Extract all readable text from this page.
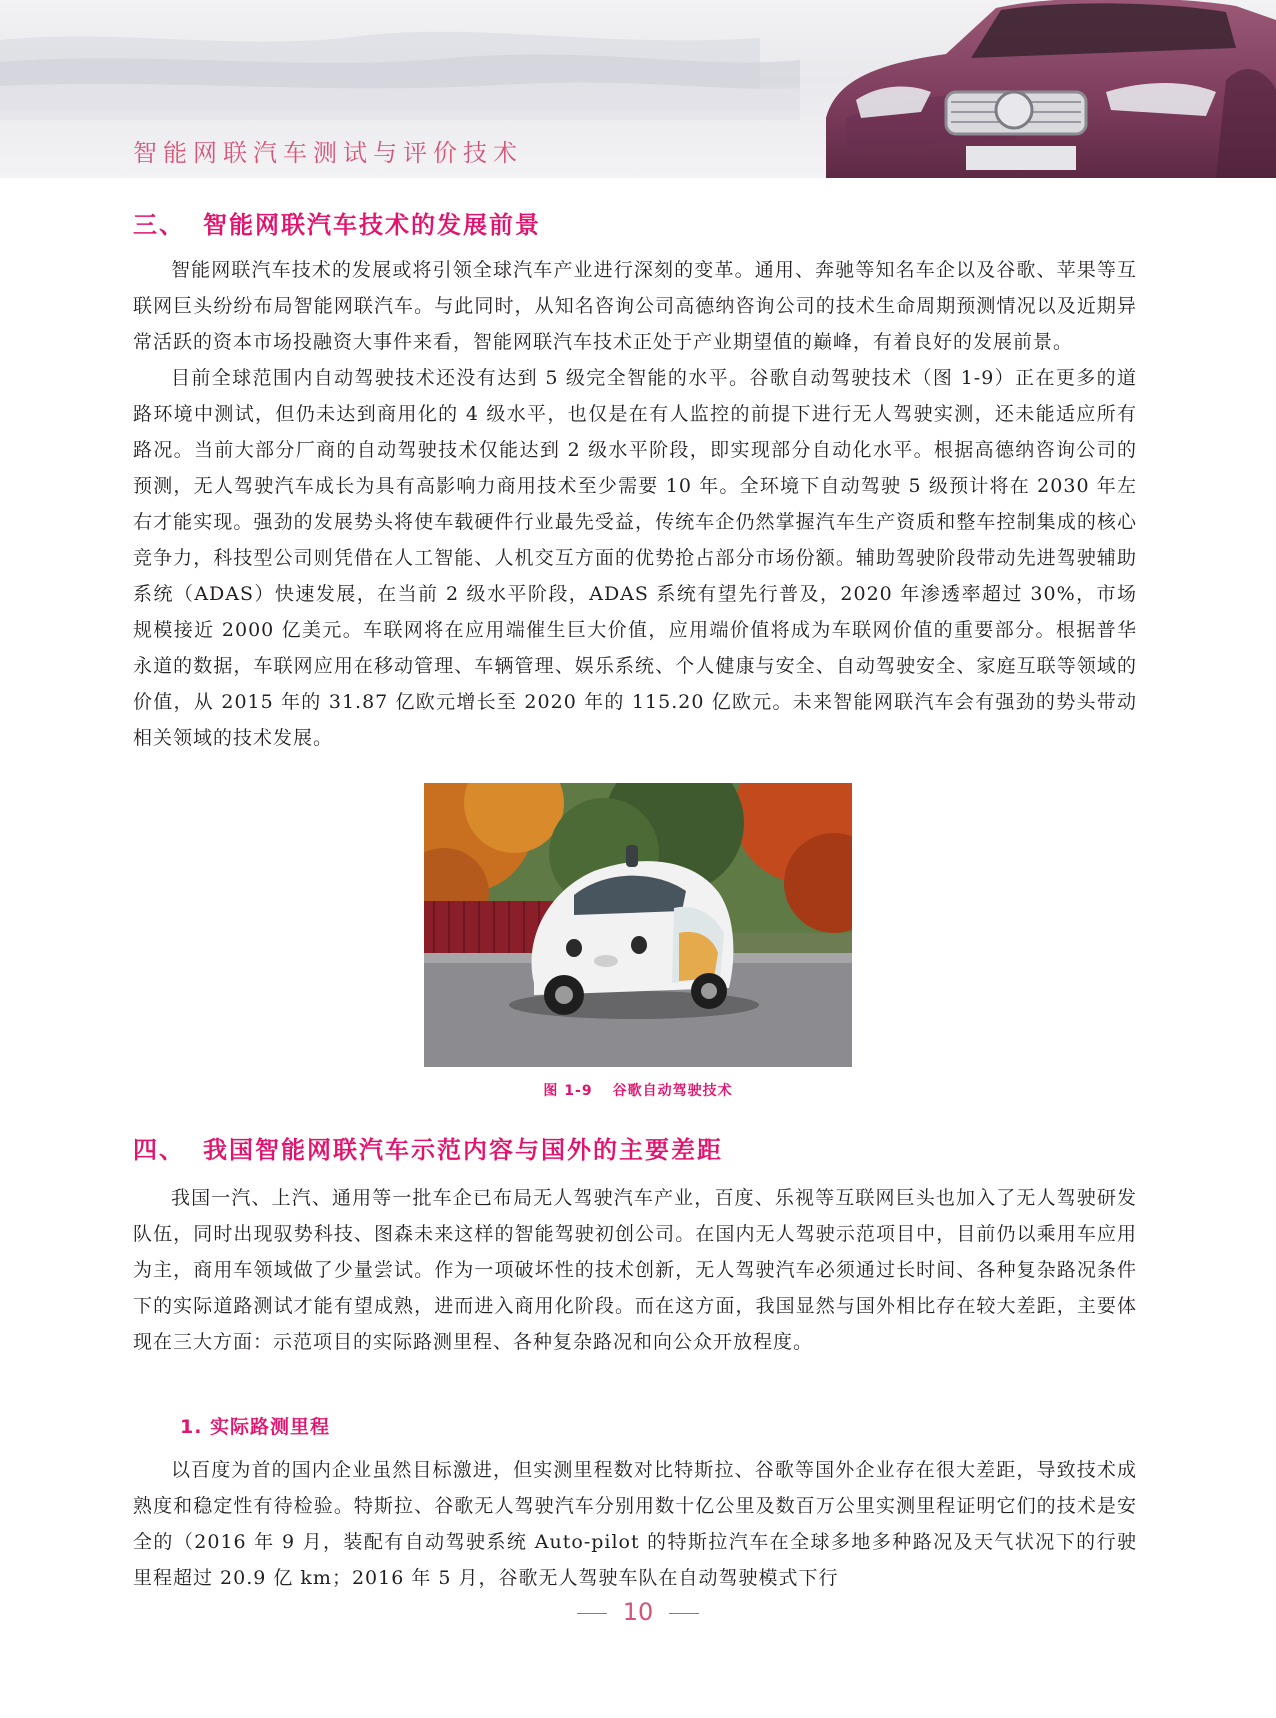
智能网联汽车测试与评价技术
三、 智能网联汽车技术的发展前景

智能网联汽车技术的发展或将引领全球汽车产业进行深刻的变革。通用、奔驰等知名车企以及谷歌、苹果等互联网巨头纷纷布局智能网联汽车。与此同时，从知名咨询公司高德纳咨询公司的技术生命周期预测情况以及近期异常活跃的资本市场投融资大事件来看，智能网联汽车技术正处于产业期望值的巅峰，有着良好的发展前景。

目前全球范围内自动驾驶技术还没有达到 5 级完全智能的水平。谷歌自动驾驶技术（图 1-9）正在更多的道路环境中测试，但仍未达到商用化的 4 级水平，也仅是在有人监控的前提下进行无人驾驶实测，还未能适应所有路况。当前大部分厂商的自动驾驶技术仅能达到 2 级水平阶段，即实现部分自动化水平。根据高德纳咨询公司的预测，无人驾驶汽车成长为具有高影响力商用技术至少需要 10 年。全环境下自动驾驶 5 级预计将在 2030 年左右才能实现。强劲的发展势头将使车载硬件行业最先受益，传统车企仍然掌握汽车生产资质和整车控制集成的核心竞争力，科技型公司则凭借在人工智能、人机交互方面的优势抢占部分市场份额。辅助驾驶阶段带动先进驾驶辅助系统（ADAS）快速发展，在当前 2 级水平阶段，ADAS 系统有望先行普及，2020 年渗透率超过 30%，市场规模接近 2000 亿美元。车联网将在应用端催生巨大价值，应用端价值将成为车联网价值的重要部分。根据普华永道的数据，车联网应用在移动管理、车辆管理、娱乐系统、个人健康与安全、自动驾驶安全、家庭互联等领域的价值，从 2015 年的 31.87 亿欧元增长至 2020 年的 115.20 亿欧元。未来智能网联汽车会有强劲的势头带动相关领域的技术发展。

图 1-9 谷歌自动驾驶技术
四、 我国智能网联汽车示范内容与国外的主要差距

我国一汽、上汽、通用等一批车企已布局无人驾驶汽车产业，百度、乐视等互联网巨头也加入了无人驾驶研发队伍，同时出现驭势科技、图森未来这样的智能驾驶初创公司。在国内无人驾驶示范项目中，目前仍以乘用车应用为主，商用车领域做了少量尝试。作为一项破坏性的技术创新，无人驾驶汽车必须通过长时间、各种复杂路况条件下的实际道路测试才能有望成熟，进而进入商用化阶段。而在这方面，我国显然与国外相比存在较大差距，主要体现在三大方面：示范项目的实际路测里程、各种复杂路况和向公众开放程度。

1. 实际路测里程

以百度为首的国内企业虽然目标激进，但实测里程数对比特斯拉、谷歌等国外企业存在很大差距，导致技术成熟度和稳定性有待检验。特斯拉、谷歌无人驾驶汽车分别用数十亿公里及数百万公里实测里程证明它们的技术是安全的（2016 年 9 月，装配有自动驾驶系统 Auto-pilot 的特斯拉汽车在全球多地多种路况及天气状况下的行驶里程超过 20.9 亿 km；2016 年 5 月，谷歌无人驾驶车队在自动驾驶模式下行

10
